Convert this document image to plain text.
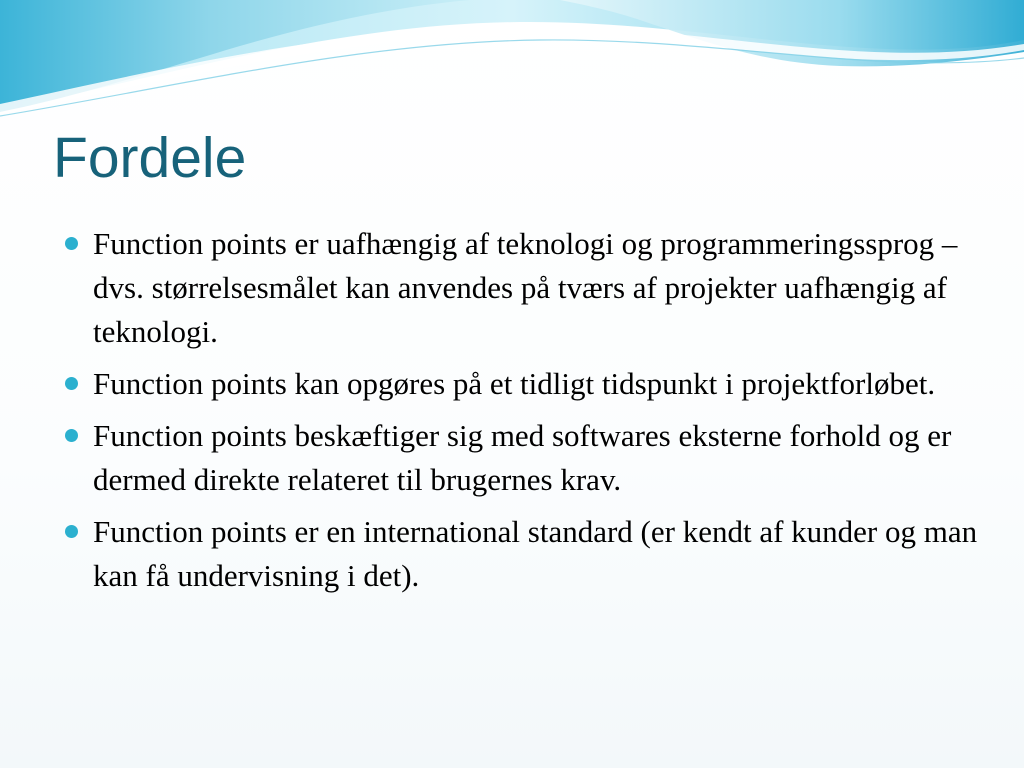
Fordele
Function points er uafhængig af teknologi og programmeringssprog – dvs. størrelsesmålet kan anvendes på tværs af projekter uafhængig af teknologi.
Function points kan opgøres på et tidligt tidspunkt i projektforløbet.
Function points beskæftiger sig med softwares eksterne forhold og er dermed direkte relateret til brugernes krav.
Function points er en international standard (er kendt af kunder og man kan få undervisning i det).
